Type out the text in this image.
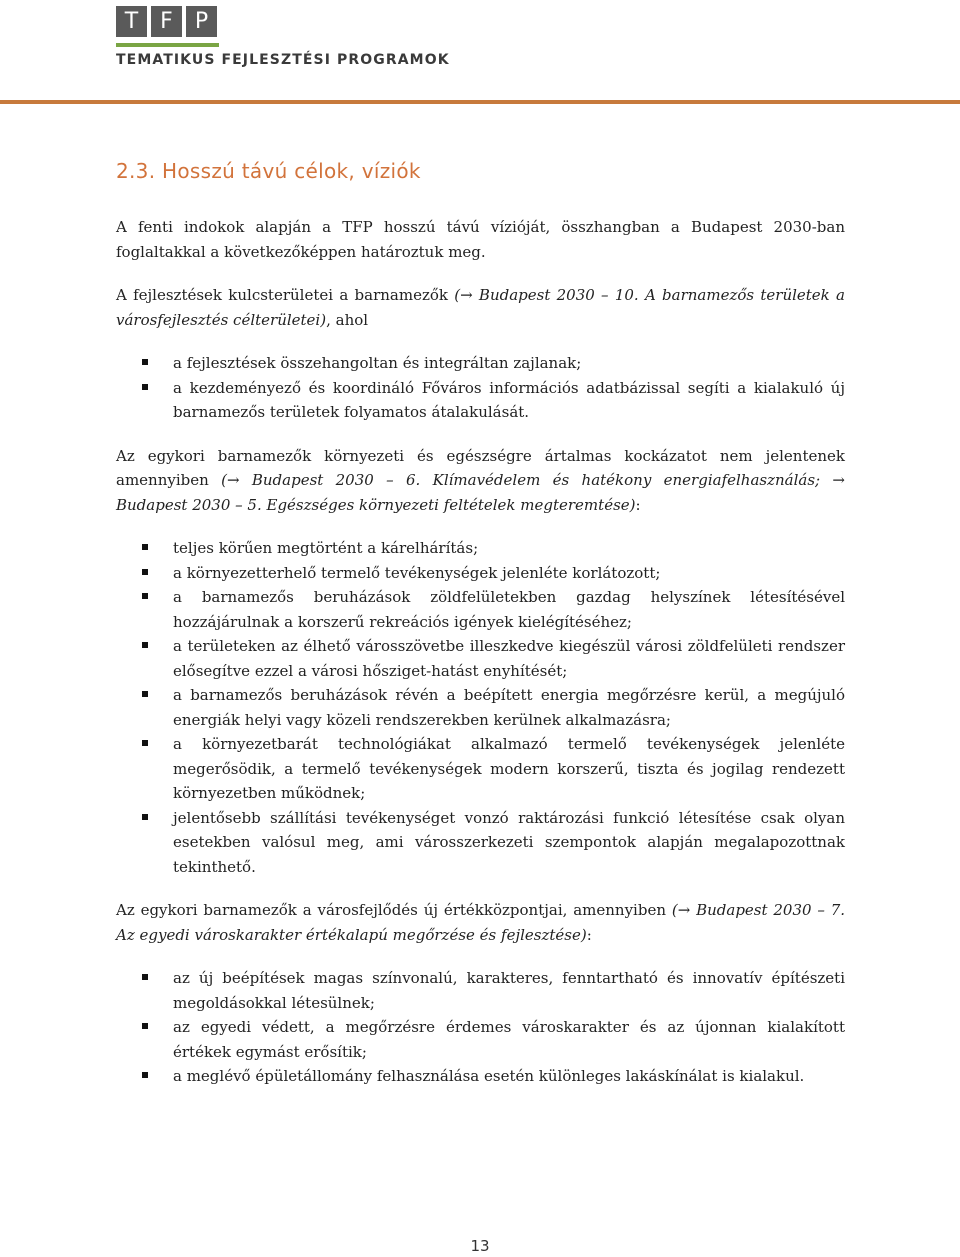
T F	P
TEMATIKUS FEJLESZTÉSI PROGRAMOK
2.3. Hosszú távú célok, víziók

A fenti indokok alapján a TFP hosszú távú vízióját, összhangban a Budapest 2030-ban foglaltakkal a következőképpen határoztuk meg.

A fejlesztések kulcsterületei a barnamezők (→ Budapest 2030 – 10. A barnamezős területek a városfejlesztés célterületei), ahol

a fejlesztések összehangoltan és integráltan zajlanak;
a kezdeményező és koordináló Főváros információs adatbázissal segíti a kialakuló új barnamezős területek folyamatos átalakulását.

Az egykori barnamezők környezeti és egészségre ártalmas kockázatot nem jelentenek amennyiben (→ Budapest 2030 – 6. Klímavédelem és hatékony energiafelhasználás; → Budapest 2030 – 5. Egészséges környezeti feltételek megteremtése):

teljes körűen megtörtént a kárelhárítás;
a környezetterhelő termelő tevékenységek jelenléte korlátozott;
a barnamezős beruházások zöldfelületekben gazdag helyszínek létesítésével hozzájárulnak a korszerű rekreációs igények kielégítéséhez;
a területeken az élhető városszövetbe illeszkedve kiegészül városi zöldfelületi rendszer elősegítve ezzel a városi hősziget-hatást enyhítését;
a barnamezős beruházások révén a beépített energia megőrzésre kerül, a megújuló energiák helyi vagy közeli rendszerekben kerülnek alkalmazásra;
a környezetbarát technológiákat alkalmazó termelő tevékenységek jelenléte megerősödik, a termelő tevékenységek modern korszerű, tiszta és jogilag rendezett környezetben működnek;
jelentősebb szállítási tevékenységet vonzó raktározási funkció létesítése csak olyan esetekben valósul meg, ami városszerkezeti szempontok alapján megalapozottnak tekinthető.

Az egykori barnamezők a városfejlődés új értékközpontjai, amennyiben (→ Budapest 2030 – 7. Az egyedi városkarakter értékalapú megőrzése és fejlesztése):

az új beépítések magas színvonalú, karakteres, fenntartható és innovatív építészeti megoldásokkal létesülnek;
az egyedi védett, a megőrzésre érdemes városkarakter és az újonnan kialakított értékek egymást erősítik;
a meglévő épületállomány felhasználása esetén különleges lakáskínálat is kialakul.
13
